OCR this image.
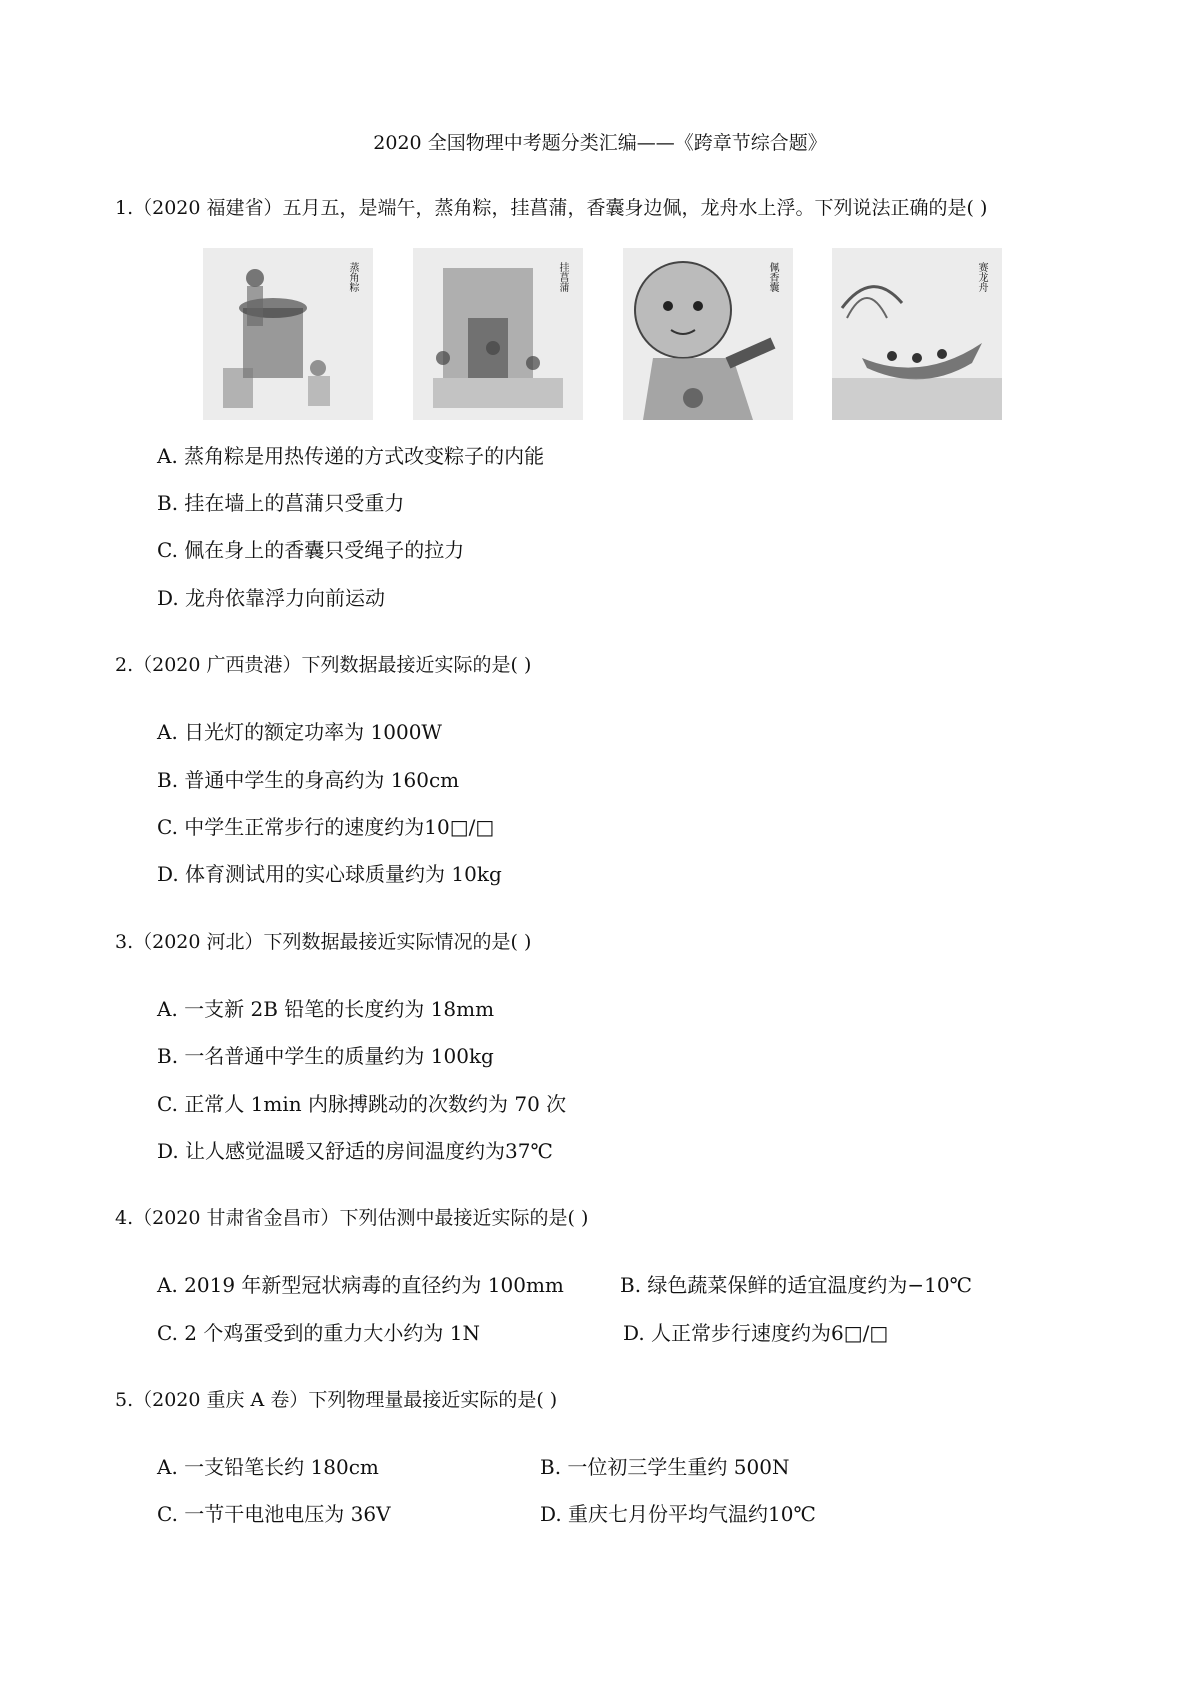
2020 全国物理中考题分类汇编——《跨章节综合题》
1.（2020 福建省）五月五，是端午，蒸角粽，挂菖蒲，香囊身边佩，龙舟水上浮。下列说法正确的是( )
蒸角粽	挂菖蒲	佩香囊	赛龙舟
A. 蒸角粽是用热传递的方式改变粽子的内能
B. 挂在墙上的菖蒲只受重力
C. 佩在身上的香囊只受绳子的拉力
D. 龙舟依靠浮力向前运动
2.（2020 广西贵港）下列数据最接近实际的是( )
A. 日光灯的额定功率为 1000W
B. 普通中学生的身高约为 160cm
C. 中学生正常步行的速度约为10□/□
D. 体育测试用的实心球质量约为 10kg
3.（2020 河北）下列数据最接近实际情况的是( )
A. 一支新 2B 铅笔的长度约为 18mm
B. 一名普通中学生的质量约为 100kg
C. 正常人 1min 内脉搏跳动的次数约为 70 次
D. 让人感觉温暖又舒适的房间温度约为37℃
4.（2020 甘肃省金昌市）下列估测中最接近实际的是( )
A. 2019 年新型冠状病毒的直径约为 100mm	B. 绿色蔬菜保鲜的适宜温度约为−10℃
C. 2 个鸡蛋受到的重力大小约为 1N	D. 人正常步行速度约为6□/□
5.（2020 重庆 A 卷）下列物理量最接近实际的是( )
A. 一支铅笔长约 180cm	B. 一位初三学生重约 500N
C. 一节干电池电压为 36V	D. 重庆七月份平均气温约10℃
